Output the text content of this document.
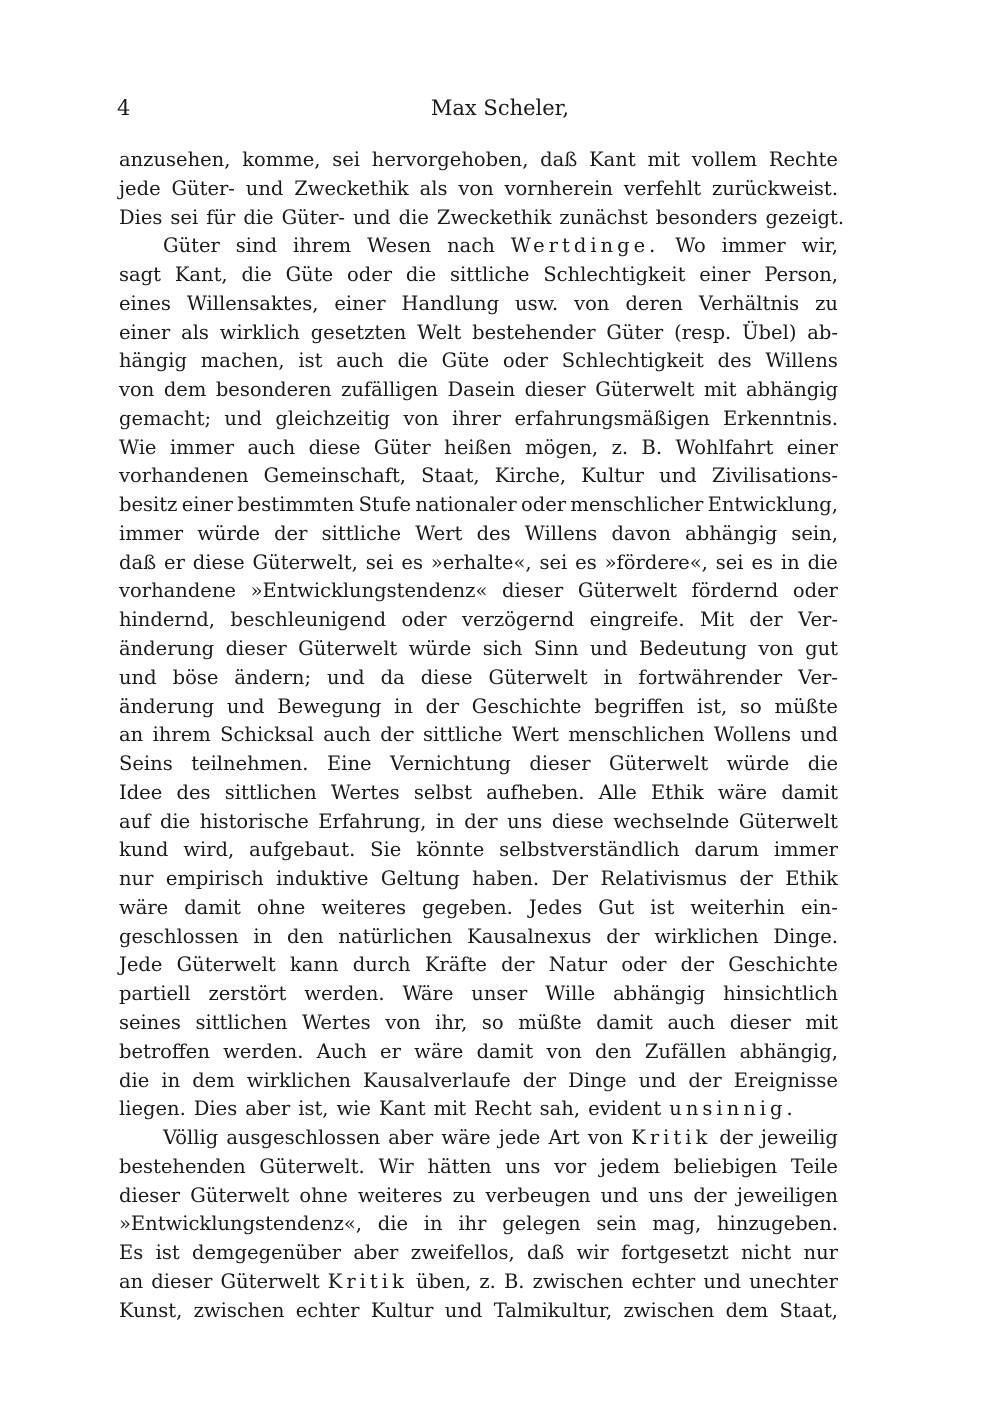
4	Max Scheler,
anzusehen, komme, sei hervorgehoben, daß Kant mit vollem Rechte
jede Güter- und Zweckethik als von vornherein verfehlt zurückweist.
Dies sei für die Güter- und die Zweckethik zunächst besonders gezeigt.
Güter sind ihrem Wesen nach Wertdinge. Wo immer wir,
sagt Kant, die Güte oder die sittliche Schlechtigkeit einer Person,
eines Willensaktes, einer Handlung usw. von deren Verhältnis zu
einer als wirklich gesetzten Welt bestehender Güter (resp. Übel) ab-
hängig machen, ist auch die Güte oder Schlechtigkeit des Willens
von dem besonderen zufälligen Dasein dieser Güterwelt mit abhängig
gemacht; und gleichzeitig von ihrer erfahrungsmäßigen Erkenntnis.
Wie immer auch diese Güter heißen mögen, z. B. Wohlfahrt einer
vorhandenen Gemeinschaft, Staat, Kirche, Kultur und Zivilisations-
besitz einer bestimmten Stufe nationaler oder menschlicher Entwicklung,
immer würde der sittliche Wert des Willens davon abhängig sein,
daß er diese Güterwelt, sei es »erhalte«, sei es »fördere«, sei es in die
vorhandene »Entwicklungstendenz« dieser Güterwelt fördernd oder
hindernd, beschleunigend oder verzögernd eingreife. Mit der Ver-
änderung dieser Güterwelt würde sich Sinn und Bedeutung von gut
und böse ändern; und da diese Güterwelt in fortwährender Ver-
änderung und Bewegung in der Geschichte begriffen ist, so müßte
an ihrem Schicksal auch der sittliche Wert menschlichen Wollens und
Seins teilnehmen. Eine Vernichtung dieser Güterwelt würde die
Idee des sittlichen Wertes selbst aufheben. Alle Ethik wäre damit
auf die historische Erfahrung, in der uns diese wechselnde Güterwelt
kund wird, aufgebaut. Sie könnte selbstverständlich darum immer
nur empirisch induktive Geltung haben. Der Relativismus der Ethik
wäre damit ohne weiteres gegeben. Jedes Gut ist weiterhin ein-
geschlossen in den natürlichen Kausalnexus der wirklichen Dinge.
Jede Güterwelt kann durch Kräfte der Natur oder der Geschichte
partiell zerstört werden. Wäre unser Wille abhängig hinsichtlich
seines sittlichen Wertes von ihr, so müßte damit auch dieser mit
betroffen werden. Auch er wäre damit von den Zufällen abhängig,
die in dem wirklichen Kausalverlaufe der Dinge und der Ereignisse
liegen. Dies aber ist, wie Kant mit Recht sah, evident unsinnig.
Völlig ausgeschlossen aber wäre jede Art von Kritik der jeweilig
bestehenden Güterwelt. Wir hätten uns vor jedem beliebigen Teile
dieser Güterwelt ohne weiteres zu verbeugen und uns der jeweiligen
»Entwicklungstendenz«, die in ihr gelegen sein mag, hinzugeben.
Es ist demgegenüber aber zweifellos, daß wir fortgesetzt nicht nur
an dieser Güterwelt Kritik üben, z. B. zwischen echter und unechter
Kunst, zwischen echter Kultur und Talmikultur, zwischen dem Staat,
